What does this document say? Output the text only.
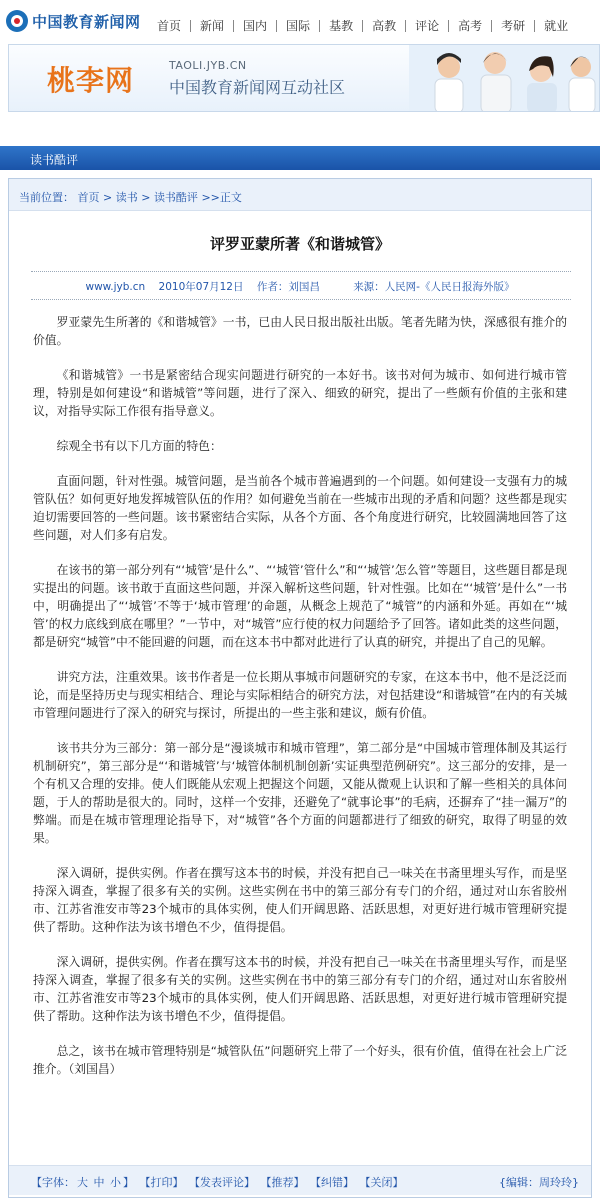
中国教育新闻网	首页	新闻	国内	国际	基教	高教	评论	高考	考研	就业
桃李网	TAOLI.JYB.CN
中国教育新闻网互动社区
读书酷评
当前位置： 首页 > 读书 > 读书酷评 >>正文
评罗亚蒙所著《和谐城管》
www.jyb.cn 2010年07月12日 作者：刘国昌	来源：人民网-《人民日报海外版》

罗亚蒙先生所著的《和谐城管》一书，已由人民日报出版社出版。笔者先睹为快，深感很有推介的价值。

《和谐城管》一书是紧密结合现实问题进行研究的一本好书。该书对何为城市、如何进行城市管理，特别是如何建设“和谐城管”等问题，进行了深入、细致的研究，提出了一些颇有价值的主张和建议，对指导实际工作很有指导意义。

综观全书有以下几方面的特色：

直面问题，针对性强。城管问题，是当前各个城市普遍遇到的一个问题。如何建设一支强有力的城管队伍？如何更好地发挥城管队伍的作用？如何避免当前在一些城市出现的矛盾和问题？这些都是现实迫切需要回答的一些问题。该书紧密结合实际，从各个方面、各个角度进行研究，比较圆满地回答了这些问题，对人们多有启发。

在该书的第一部分列有“‘城管’是什么”、“‘城管’管什么”和“‘城管’怎么管”等题目，这些题目都是现实提出的问题。该书敢于直面这些问题，并深入解析这些问题，针对性强。比如在“‘城管’是什么”一书中，明确提出了“‘城管’不等于‘城市管理’的命题，从概念上规范了“城管”的内涵和外延。再如在“‘城管’的权力底线到底在哪里？”一节中，对“城管”应行使的权力问题给予了回答。诸如此类的这些问题，都是研究“城管”中不能回避的问题，而在这本书中都对此进行了认真的研究，并提出了自己的见解。

讲究方法，注重效果。该书作者是一位长期从事城市问题研究的专家，在这本书中，他不是泛泛而论，而是坚持历史与现实相结合、理论与实际相结合的研究方法，对包括建设“和谐城管”在内的有关城市管理问题进行了深入的研究与探讨，所提出的一些主张和建议，颇有价值。

该书共分为三部分：第一部分是“漫谈城市和城市管理”，第二部分是“中国城市管理体制及其运行机制研究”，第三部分是“‘和谐城管’与‘城管体制机制创新’实证典型范例研究”。这三部分的安排，是一个有机又合理的安排。使人们既能从宏观上把握这个问题，又能从微观上认识和了解一些相关的具体问题，于人的帮助是很大的。同时，这样一个安排，还避免了“就事论事”的毛病，还摒弃了“挂一漏万”的弊端。而是在城市管理理论指导下，对“城管”各个方面的问题都进行了细致的研究，取得了明显的效果。

深入调研，提供实例。作者在撰写这本书的时候，并没有把自己一味关在书斋里埋头写作，而是坚持深入调查，掌握了很多有关的实例。这些实例在书中的第三部分有专门的介绍，通过对山东省胶州市、江苏省淮安市等23个城市的具体实例，使人们开阔思路、活跃思想，对更好进行城市管理研究提供了帮助。这种作法为该书增色不少，值得提倡。

深入调研，提供实例。作者在撰写这本书的时候，并没有把自己一味关在书斋里埋头写作，而是坚持深入调查，掌握了很多有关的实例。这些实例在书中的第三部分有专门的介绍，通过对山东省胶州市、江苏省淮安市等23个城市的具体实例，使人们开阔思路、活跃思想，对更好进行城市管理研究提供了帮助。这种作法为该书增色不少，值得提倡。

总之，该书在城市管理特别是“城管队伍”问题研究上带了一个好头，很有价值，值得在社会上广泛推介。（刘国昌）

【字体： 大 中 小 】 【打印】 【发表评论】 【推荐】 【纠错】 【关闭】	{编辑：周玲玲}
